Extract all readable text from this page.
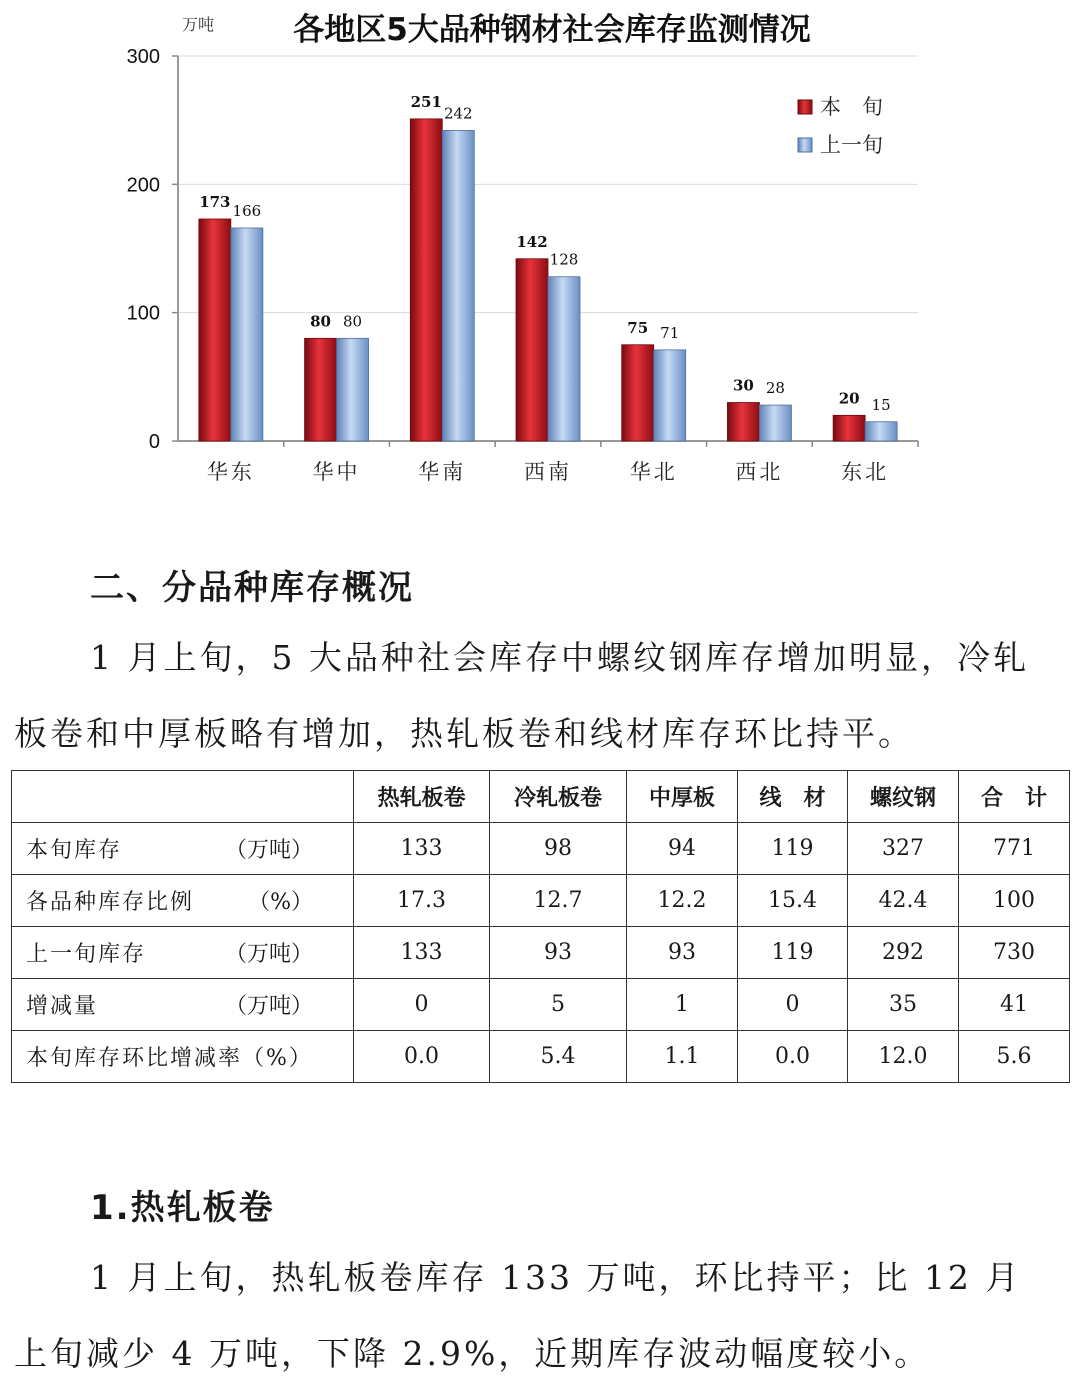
万吨	各地区5大品种钢材社会库存监测情况
0
100
200
300
华东	华中	华南	西南	华北	西北	东北
173 166
80 80
251
242
142
128
75 71
30 28
20 15
本　旬
上一旬
二、分品种库存概况

1 月上旬，5 大品种社会库存中螺纹钢库存增加明显，冷轧板卷和中厚板略有增加，热轧板卷和线材库存环比持平。

	热轧板卷	冷轧板卷	中厚板	线　材	螺纹钢	合　计
本旬库存 （万吨）	133	98	94	119	327	771
各品种库存比例 （%）	17.3	12.7	12.2	15.4	42.4	100
上一旬库存 （万吨）	133	93	93	119	292	730
增减量 （万吨）	0	5	1	0	35	41
本旬库存环比增减率（%）	0.0	5.4	1.1	0.0	12.0	5.6
1.热轧板卷

1 月上旬，热轧板卷库存 133 万吨，环比持平；比 12 月上旬减少 4 万吨，下降 2.9%，近期库存波动幅度较小。
